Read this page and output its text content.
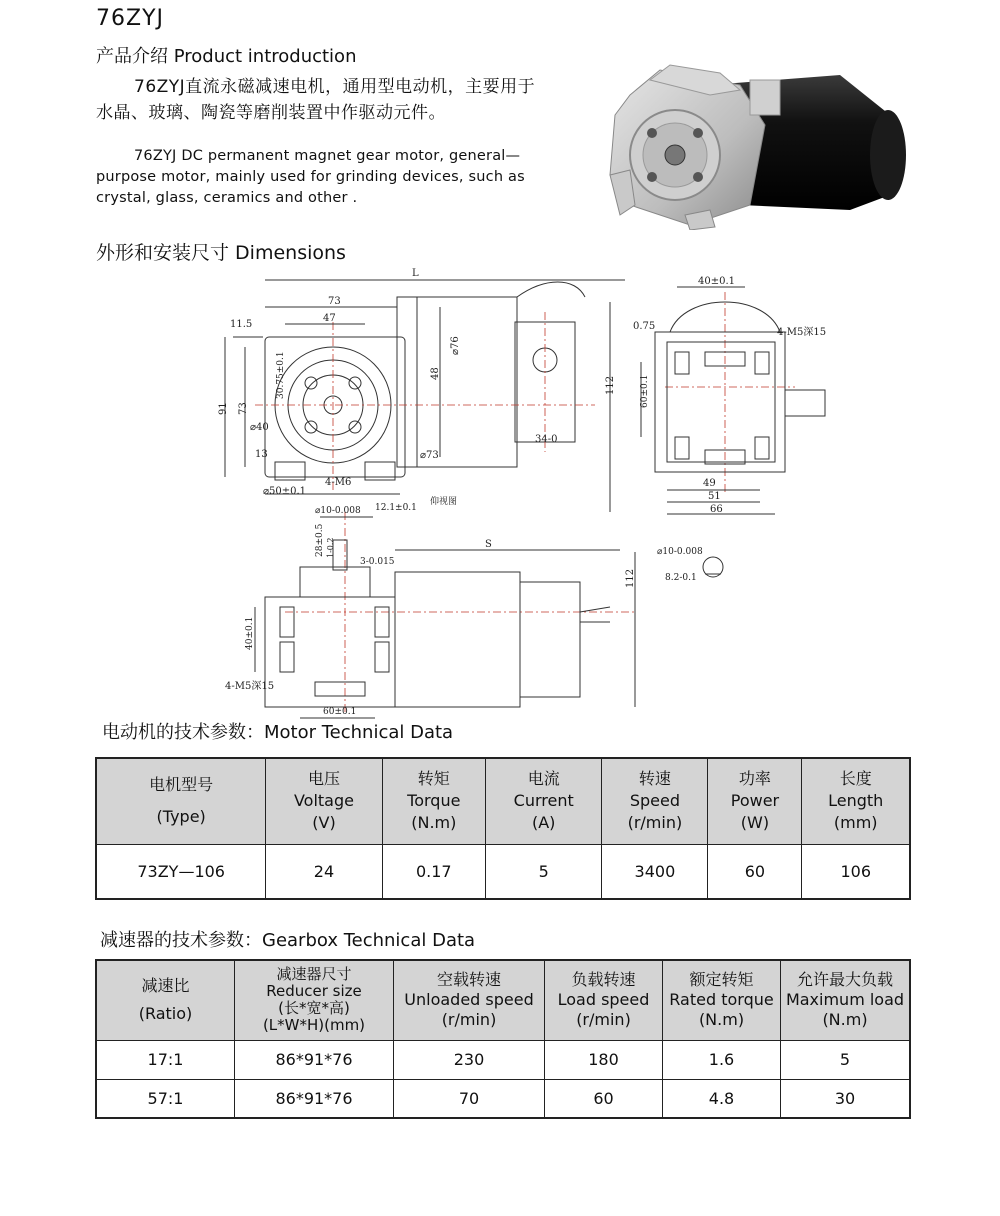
76ZYJ
产品介绍 Product introduction
76ZYJ直流永磁减速电机，通用型电动机，主要用于水晶、玻璃、陶瓷等磨削装置中作驱动元件。
76ZYJ DC permanent magnet gear motor, general—purpose motor, mainly used for grinding devices, such as crystal, glass, ceramics and other .
外形和安装尺寸 Dimensions
L
73
47
11.5
91 73
30.75±0.1
⌀40
13
⌀50±0.1
4-M6
⌀76
48
⌀73
34-0
40±0.1
0.75
4-M5深15
112	60±0.1
49
51
66
⌀10-0.008 12.1±0.1
仰视图
28±0.5 1-0.2
3-0.015
S
112
40±0.1
4-M5深15
60±0.1
⌀10-0.008
8.2-0.1
电动机的技术参数：Motor Technical Data
电机型号
(Type)	电压
Voltage
(V)	转矩
Torque
(N.m)	电流
Current
(A)	转速
Speed
(r/min)	功率
Power
(W)	长度
Length
(mm)

73ZY—106	24	0.17	5	3400	60	106
减速器的技术参数：Gearbox Technical Data
减速比
(Ratio)	减速器尺寸
Reducer size
(长*宽*高)
(L*W*H)(mm)	空载转速
Unloaded speed
(r/min)	负载转速
Load speed
(r/min)	额定转矩
Rated torque
(N.m)	允许最大负载
Maximum load
(N.m)

17:1	86*91*76	230	180	1.6	5
57:1	86*91*76	70	60	4.8	30
